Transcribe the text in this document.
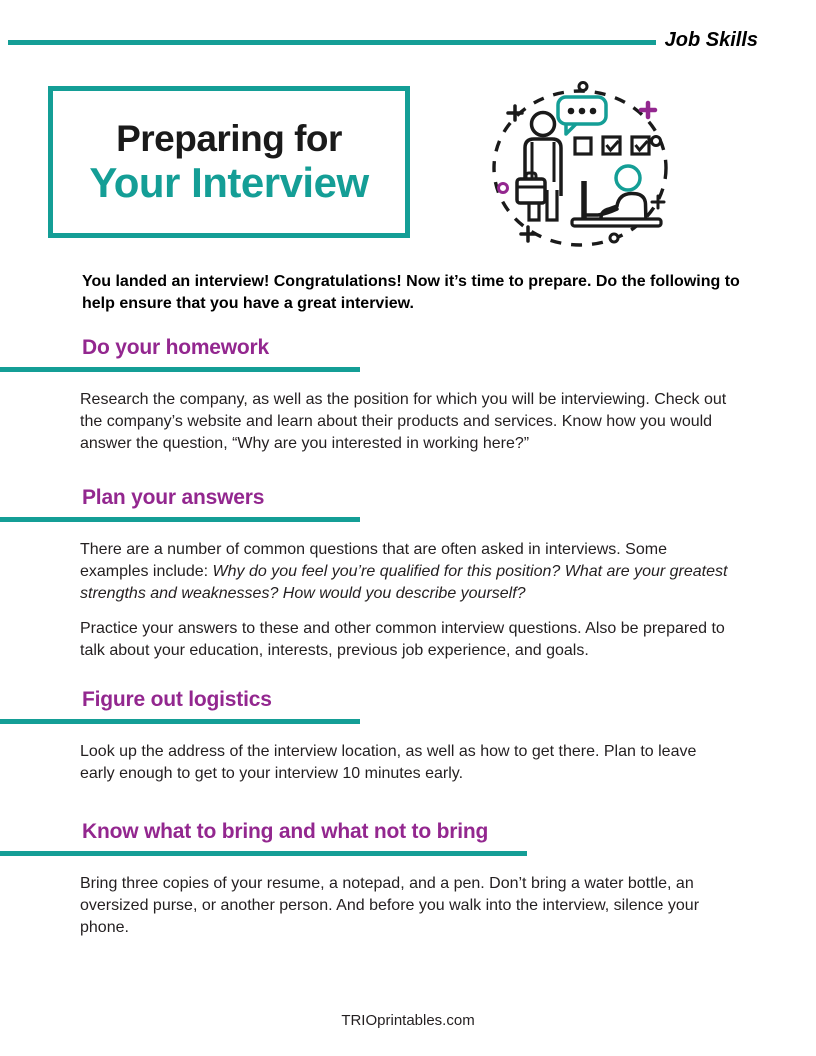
Job Skills
Preparing for
Your Interview

You landed an interview! Congratulations! Now it’s time to prepare. Do the following to help ensure that you have a great interview.

Do your homework

Research the company, as well as the position for which you will be interviewing. Check out the company’s website and learn about their products and services. Know how you would answer the question, “Why are you interested in working here?”

Plan your answers

There are a number of common questions that are often asked in interviews. Some examples include: Why do you feel you’re qualified for this position? What are your greatest strengths and weaknesses? How would you describe yourself?

Practice your answers to these and other common interview questions. Also be prepared to talk about your education, interests, previous job experience, and goals.

Figure out logistics

Look up the address of the interview location, as well as how to get there. Plan to leave early enough to get to your interview 10 minutes early.

Know what to bring and what not to bring

Bring three copies of your resume, a notepad, and a pen. Don’t bring a water bottle, an oversized purse, or another person. And before you walk into the interview, silence your phone.

TRIOprintables.com
